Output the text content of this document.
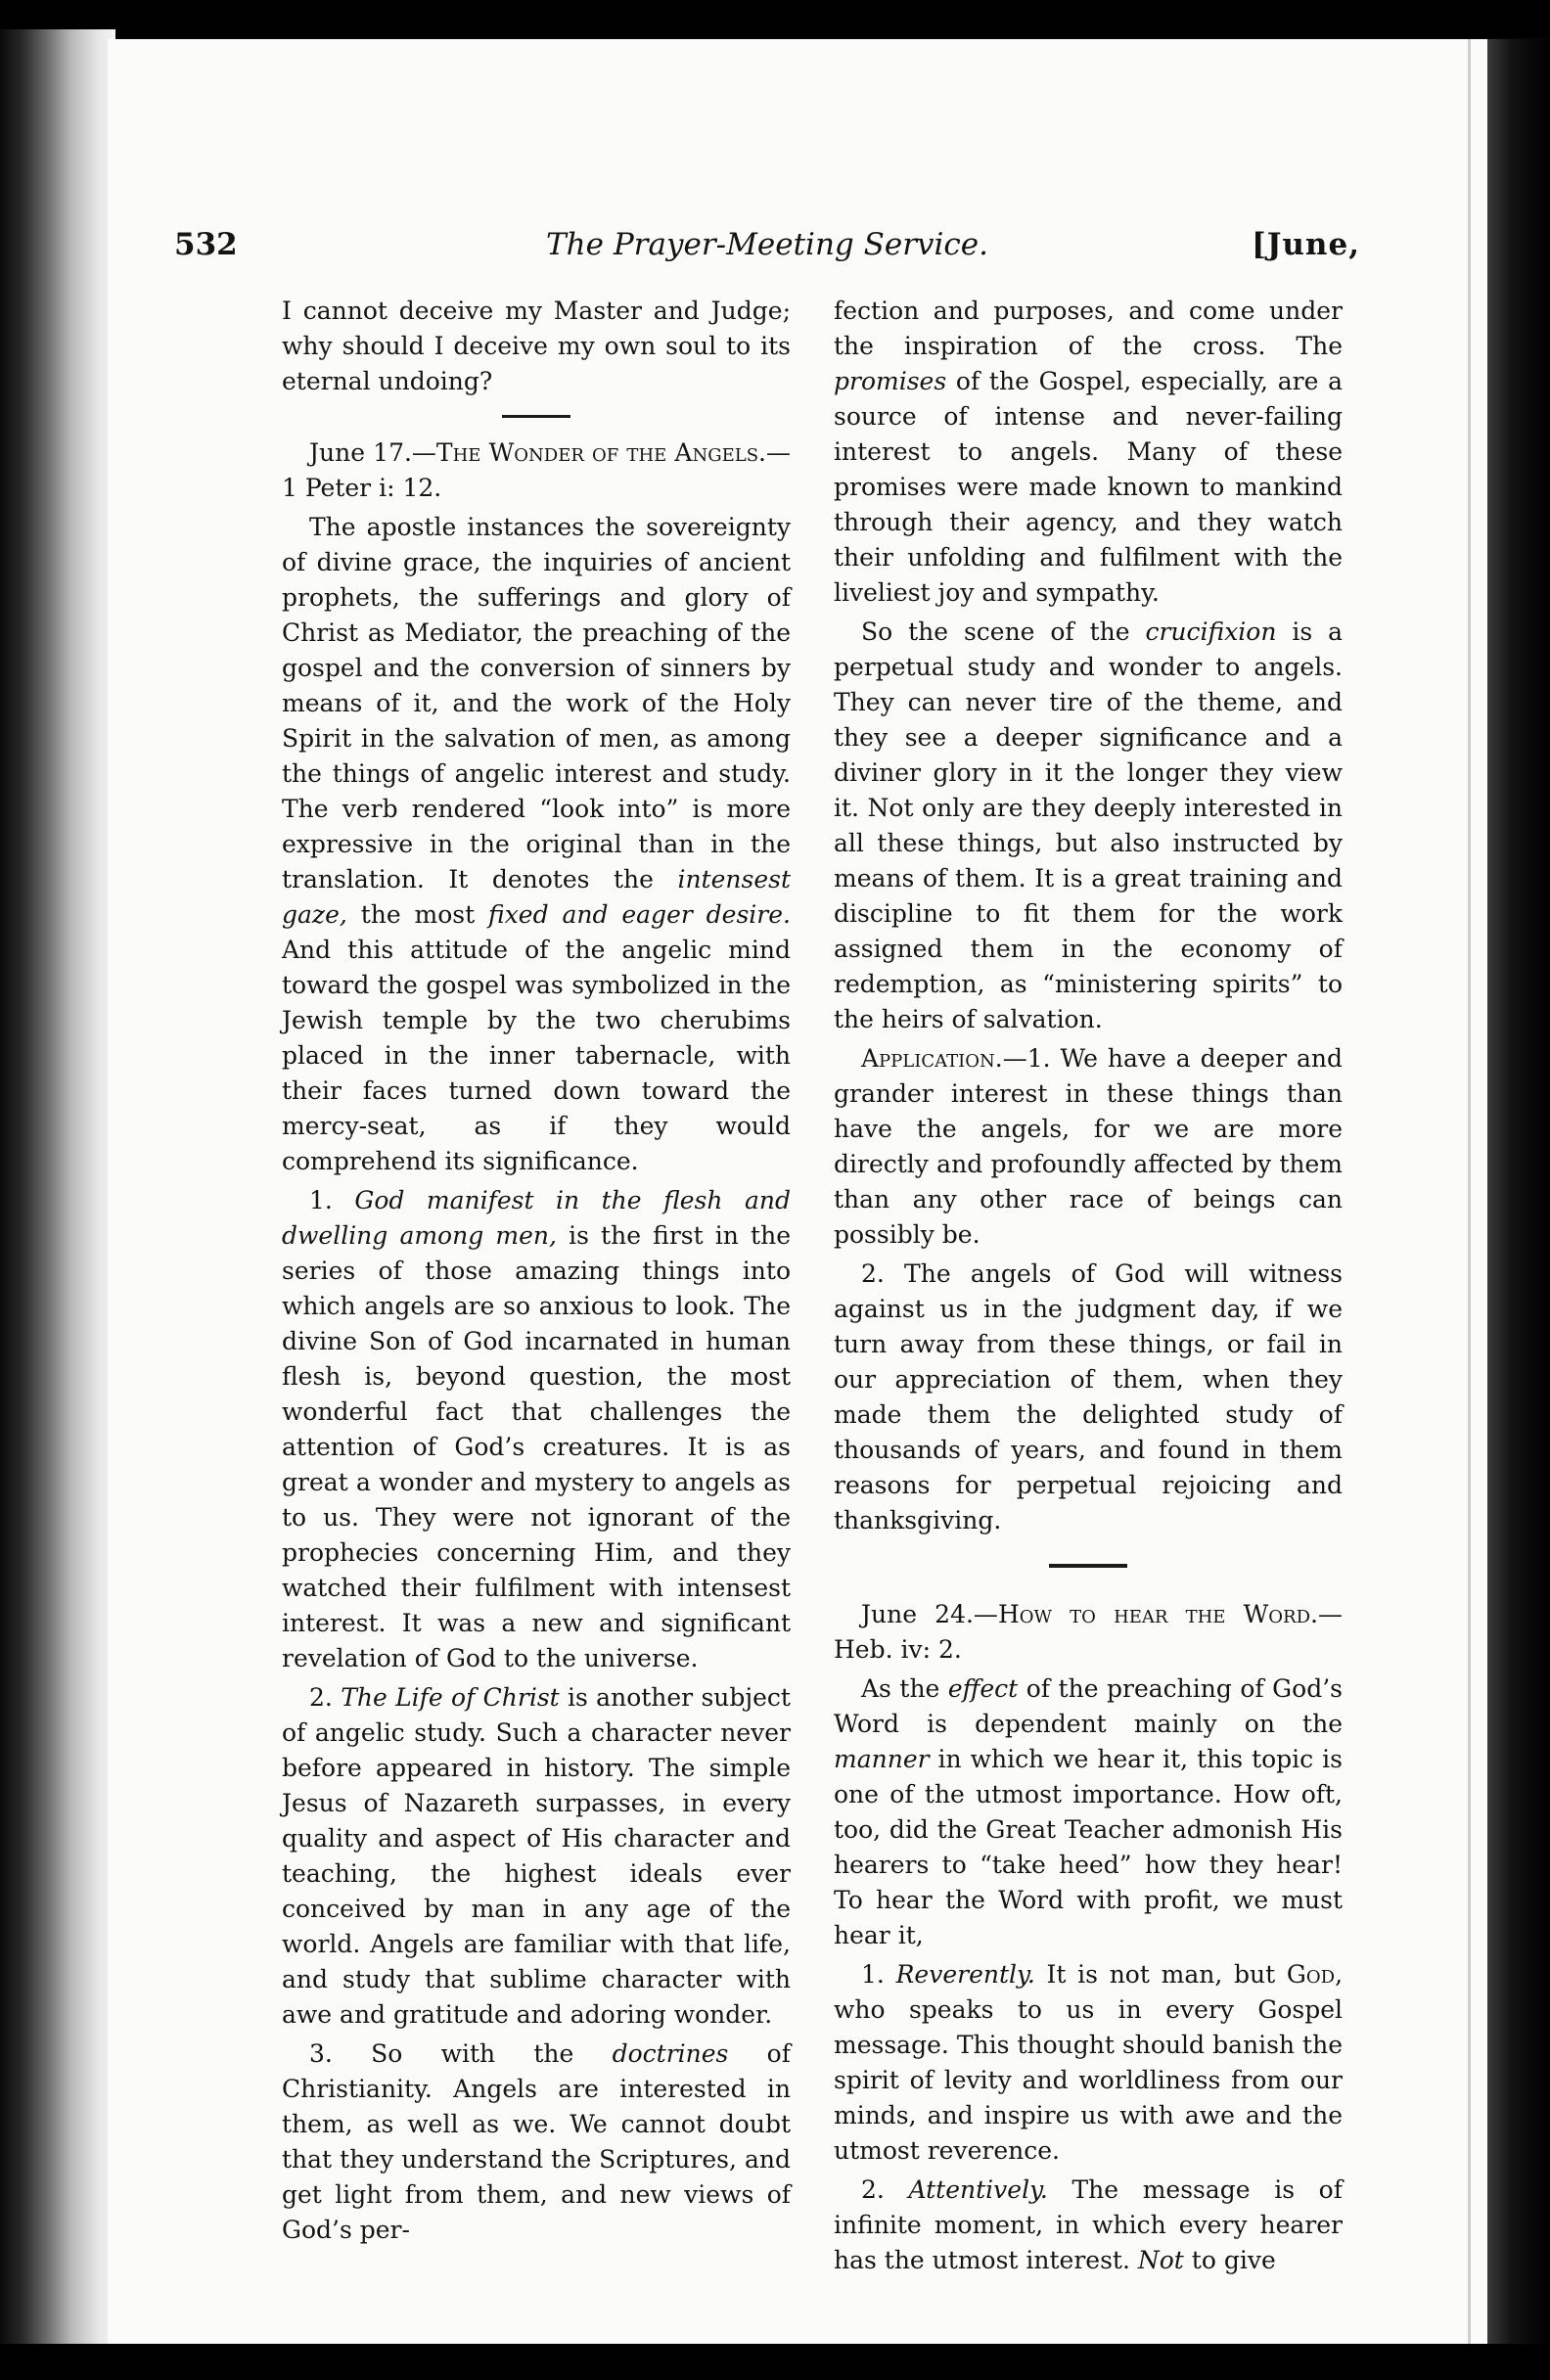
532	The Prayer-Meeting Service.	[June,

I cannot deceive my Master and Judge; why should I deceive my own soul to its eternal undoing?

June 17.—The Wonder of the Angels.—1 Peter i: 12.

The apostle instances the sovereignty of divine grace, the inquiries of ancient prophets, the sufferings and glory of Christ as Mediator, the preaching of the gospel and the conversion of sinners by means of it, and the work of the Holy Spirit in the salvation of men, as among the things of angelic interest and study. The verb rendered “look into” is more expressive in the original than in the translation. It denotes the intensest gaze, the most fixed and eager desire. And this attitude of the angelic mind toward the gospel was symbolized in the Jewish temple by the two cherubims placed in the inner tabernacle, with their faces turned down toward the mercy-seat, as if they would comprehend its significance.

1. God manifest in the flesh and dwelling among men, is the first in the series of those amazing things into which angels are so anxious to look. The divine Son of God incarnated in human flesh is, beyond question, the most wonderful fact that challenges the attention of God’s creatures. It is as great a wonder and mystery to angels as to us. They were not ignorant of the prophecies concerning Him, and they watched their fulfilment with intensest interest. It was a new and significant revelation of God to the universe.

2. The Life of Christ is another subject of angelic study. Such a character never before appeared in history. The simple Jesus of Nazareth surpasses, in every quality and aspect of His character and teaching, the highest ideals ever conceived by man in any age of the world. Angels are familiar with that life, and study that sublime character with awe and gratitude and adoring wonder.

3. So with the doctrines of Christianity. Angels are interested in them, as well as we. We cannot doubt that they understand the Scriptures, and get light from them, and new views of God’s per-

fection and purposes, and come under the inspiration of the cross. The promises of the Gospel, especially, are a source of intense and never-failing interest to angels. Many of these promises were made known to mankind through their agency, and they watch their unfolding and fulfilment with the liveliest joy and sympathy.

So the scene of the crucifixion is a perpetual study and wonder to angels. They can never tire of the theme, and they see a deeper significance and a diviner glory in it the longer they view it. Not only are they deeply interested in all these things, but also instructed by means of them. It is a great training and discipline to fit them for the work assigned them in the economy of redemption, as “ministering spirits” to the heirs of salvation.

Application.—1. We have a deeper and grander interest in these things than have the angels, for we are more directly and profoundly affected by them than any other race of beings can possibly be.

2. The angels of God will witness against us in the judgment day, if we turn away from these things, or fail in our appreciation of them, when they made them the delighted study of thousands of years, and found in them reasons for perpetual rejoicing and thanksgiving.

June 24.—How to hear the Word.—Heb. iv: 2.

As the effect of the preaching of God’s Word is dependent mainly on the manner in which we hear it, this topic is one of the utmost importance. How oft, too, did the Great Teacher admonish His hearers to “take heed” how they hear! To hear the Word with profit, we must hear it,

1. Reverently. It is not man, but God, who speaks to us in every Gospel message. This thought should banish the spirit of levity and worldliness from our minds, and inspire us with awe and the utmost reverence.

2. Attentively. The message is of infinite moment, in which every hearer has the utmost interest. Not to give
